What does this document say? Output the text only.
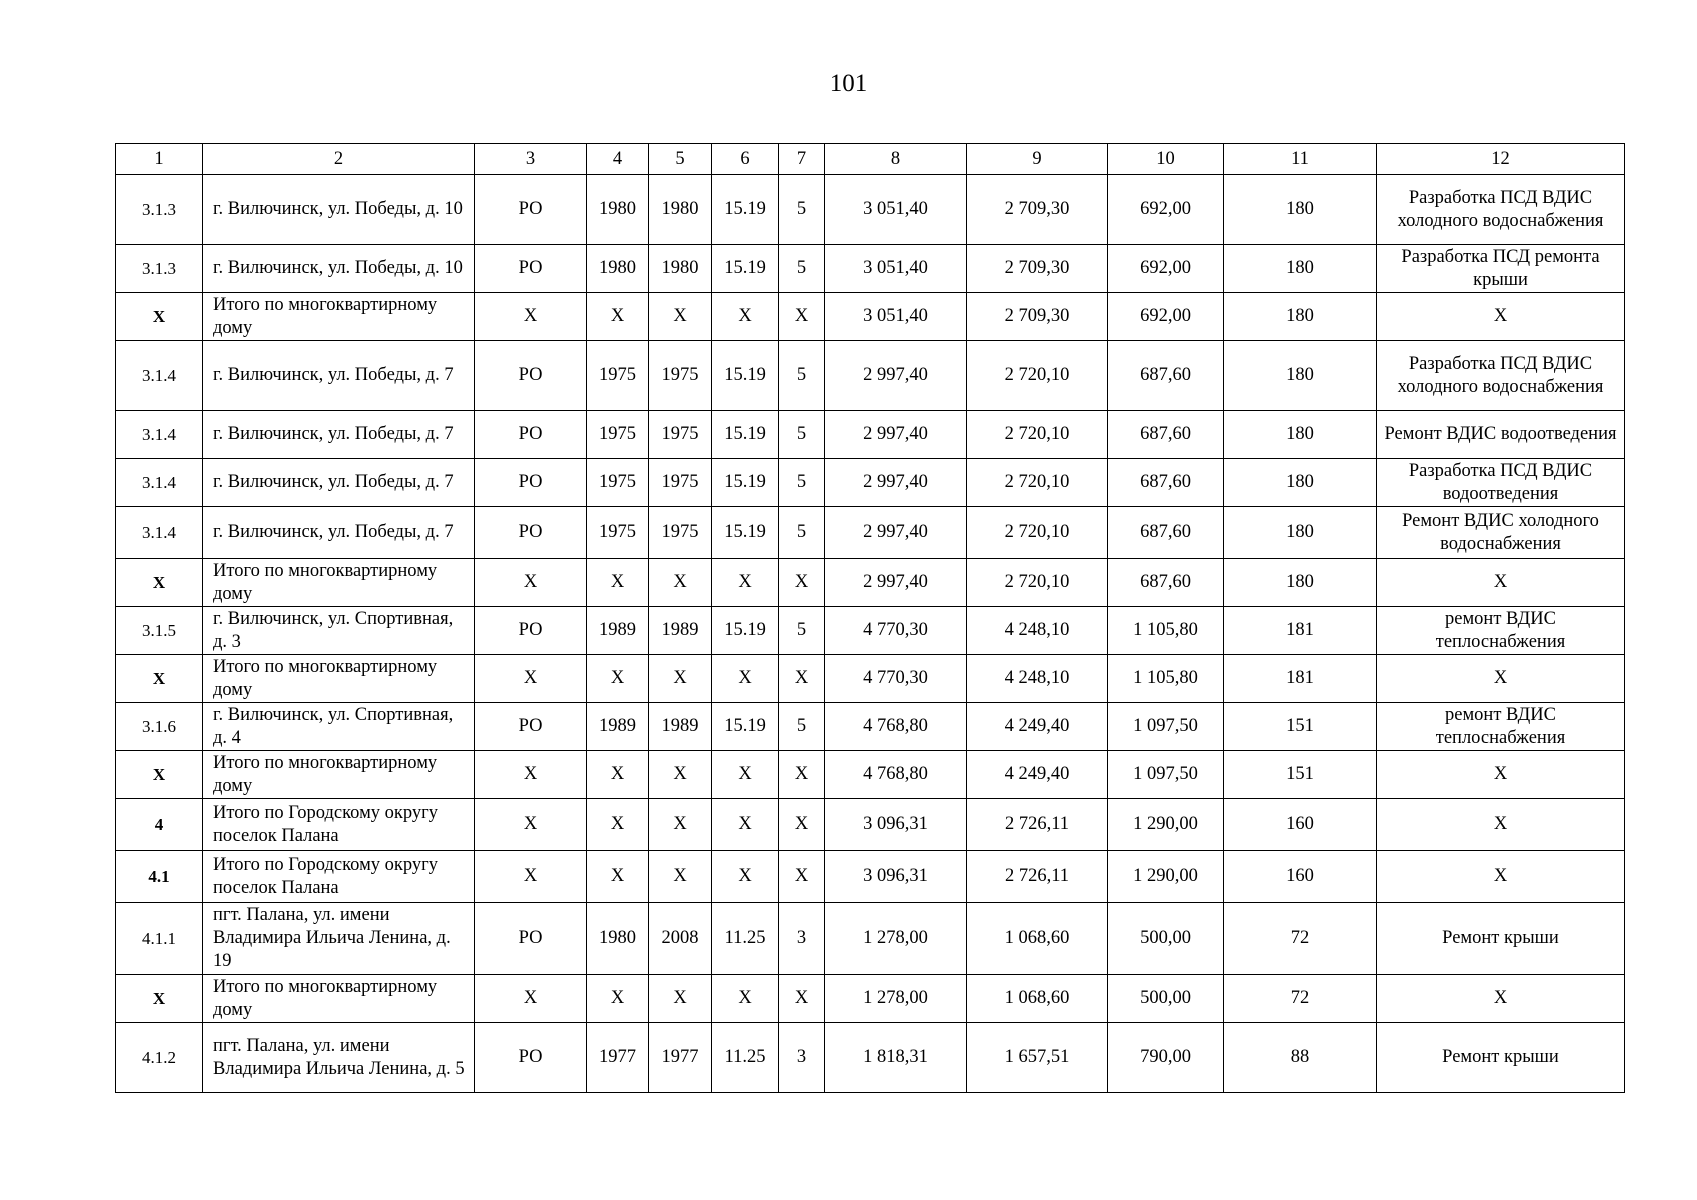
101
1	2	3	4	5	6	7	8	9	10	11	12
3.1.3	г. Вилючинск, ул. Победы, д. 10	РО	1980	1980	15.19	5	3 051,40	2 709,30	692,00	180	Разработка ПСД ВДИС холодного водоснабжения
3.1.3	г. Вилючинск, ул. Победы, д. 10	РО	1980	1980	15.19	5	3 051,40	2 709,30	692,00	180	Разработка ПСД ремонта крыши
X	Итого по многоквартирному дому	X	X	X	X	X	3 051,40	2 709,30	692,00	180	X
3.1.4	г. Вилючинск, ул. Победы, д. 7	РО	1975	1975	15.19	5	2 997,40	2 720,10	687,60	180	Разработка ПСД ВДИС холодного водоснабжения
3.1.4	г. Вилючинск, ул. Победы, д. 7	РО	1975	1975	15.19	5	2 997,40	2 720,10	687,60	180	Ремонт ВДИС водоотведения
3.1.4	г. Вилючинск, ул. Победы, д. 7	РО	1975	1975	15.19	5	2 997,40	2 720,10	687,60	180	Разработка ПСД ВДИС водоотведения
3.1.4	г. Вилючинск, ул. Победы, д. 7	РО	1975	1975	15.19	5	2 997,40	2 720,10	687,60	180	Ремонт ВДИС холодного водоснабжения
X	Итого по многоквартирному дому	X	X	X	X	X	2 997,40	2 720,10	687,60	180	X
3.1.5	г. Вилючинск, ул. Спортивная, д. 3	РО	1989	1989	15.19	5	4 770,30	4 248,10	1 105,80	181	ремонт ВДИС теплоснабжения
X	Итого по многоквартирному дому	X	X	X	X	X	4 770,30	4 248,10	1 105,80	181	X
3.1.6	г. Вилючинск, ул. Спортивная, д. 4	РО	1989	1989	15.19	5	4 768,80	4 249,40	1 097,50	151	ремонт ВДИС теплоснабжения
X	Итого по многоквартирному дому	X	X	X	X	X	4 768,80	4 249,40	1 097,50	151	X
4	Итого по Городскому округу поселок Палана	X	X	X	X	X	3 096,31	2 726,11	1 290,00	160	X
4.1	Итого по Городскому округу поселок Палана	X	X	X	X	X	3 096,31	2 726,11	1 290,00	160	X
4.1.1	пгт. Палана, ул. имени Владимира Ильича Ленина, д. 19	РО	1980	2008	11.25	3	1 278,00	1 068,60	500,00	72	Ремонт крыши
X	Итого по многоквартирному дому	X	X	X	X	X	1 278,00	1 068,60	500,00	72	X
4.1.2	пгт. Палана, ул. имени Владимира Ильича Ленина, д. 5	РО	1977	1977	11.25	3	1 818,31	1 657,51	790,00	88	Ремонт крыши
